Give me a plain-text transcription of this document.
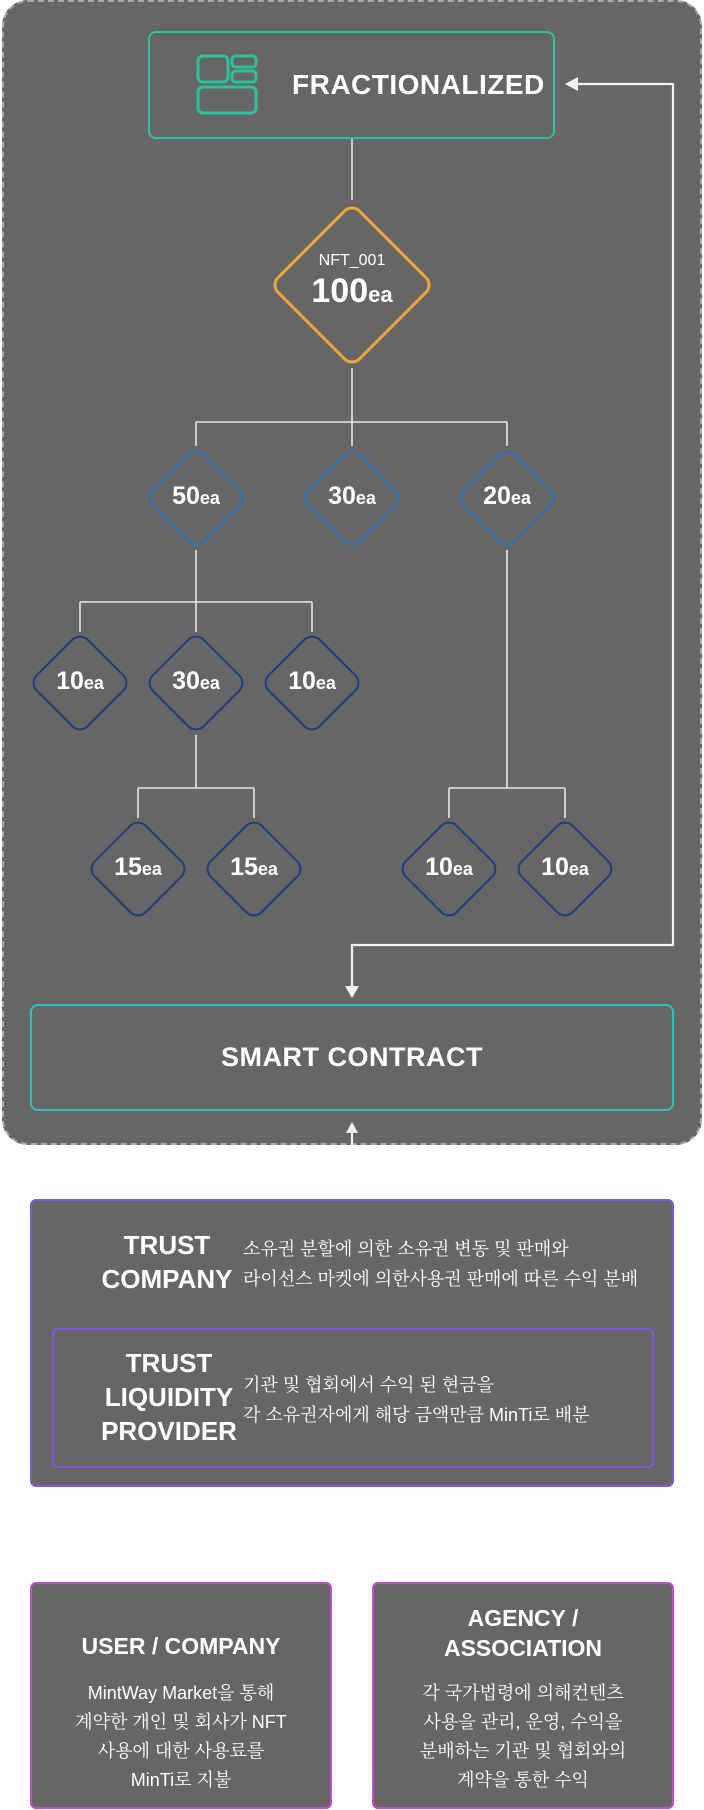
FRACTIONALIZED
NFT_001
100ea
50ea	30ea	20ea
10ea	30ea	10ea
15ea	15ea	10ea	10ea
SMART CONTRACT
TRUST
COMPANY
소유권 분할에 의한 소유권 변동 및 판매와
라이선스 마켓에 의한사용권 판매에 따른 수익 분배
TRUST
LIQUIDITY
PROVIDER
기관 및 협회에서 수익 된 현금을
각 소유권자에게 해당 금액만큼 MinTi로 배분
USER / COMPANY
MintWay Market을 통해
계약한 개인 및 회사가 NFT
사용에 대한 사용료를
MinTi로 지불
AGENCY /
ASSOCIATION
각 국가법령에 의해컨텐츠
사용을 관리, 운영, 수익을
분배하는 기관 및 협회와의
계약을 통한 수익
